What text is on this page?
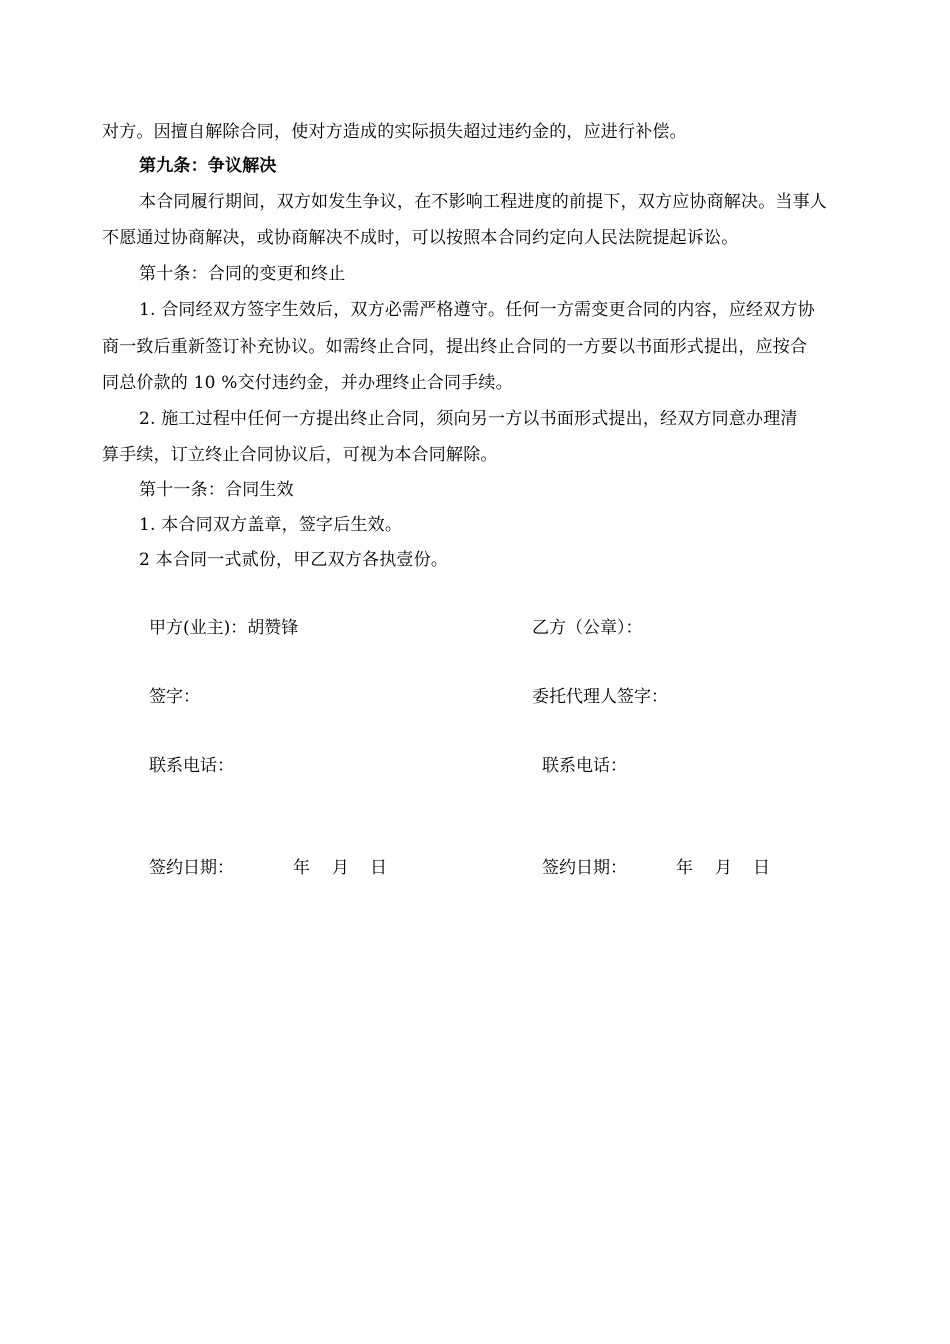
对方。因擅自解除合同，使对方造成的实际损失超过违约金的，应进行补偿。
第九条：争议解决
本合同履行期间，双方如发生争议，在不影响工程进度的前提下，双方应协商解决。当事人
不愿通过协商解决，或协商解决不成时，可以按照本合同约定向人民法院提起诉讼。
第十条：合同的变更和终止
1. 合同经双方签字生效后，双方必需严格遵守。任何一方需变更合同的内容，应经双方协
商一致后重新签订补充协议。如需终止合同，提出终止合同的一方要以书面形式提出，应按合
同总价款的 10 %交付违约金，并办理终止合同手续。
2. 施工过程中任何一方提出终止合同，须向另一方以书面形式提出，经双方同意办理清
算手续，订立终止合同协议后，可视为本合同解除。
第十一条：合同生效
1. 本合同双方盖章，签字后生效。
2 本合同一式贰份，甲乙双方各执壹份。
甲方(业主)：胡赞锋	乙方（公章）：
签字：	委托代理人签字：
联系电话：	联系电话：
签约日期：	年 月 日	签约日期：	年 月 日
